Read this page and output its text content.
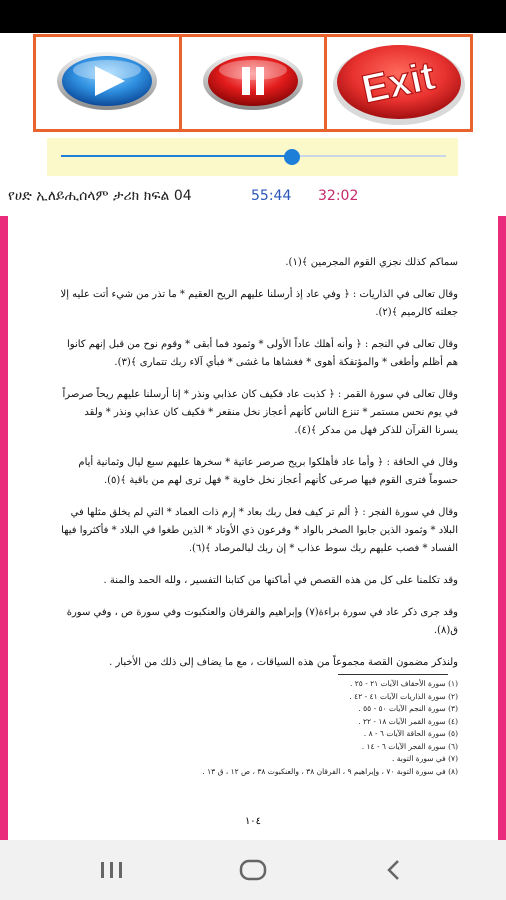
Exit
የሀድ ኢለይሒሰላም ታሪክ ክፍል 04	55:44 32:02

سماكم كذلك نجزي القوم المجرمين ﴾(١).

وقال تعالى في الذاريات : ﴿ وفي عاد إذ أرسلنا عليهم الريح العقيم * ما تذر من شيء أتت عليه إلا جعلته كالرميم ﴾(٢).

وقال تعالى في النجم : ﴿ وأنه أهلك عاداً الأولى * وثمود فما أبقى * وقوم نوح من قبل إنهم كانوا هم أظلم وأطغى * والمؤتفكة أهوى * فغشاها ما غشى * فبأي آلاء ربك تتمارى ﴾(٣).

وقال تعالى في سورة القمر : ﴿ كذبت عاد فكيف كان عذابي ونذر * إنا أرسلنا عليهم ريحاً صرصراً في يوم نحس مستمر * تنزع الناس كأنهم أعجاز نخل منقعر * فكيف كان عذابي ونذر * ولقد يسرنا القرآن للذكر فهل من مدكر ﴾(٤).

وقال في الحاقة : ﴿ وأما عاد فأهلكوا بريح صرصر عاتية * سخرها عليهم سبع ليال وثمانية أيام حسوماً فترى القوم فيها صرعى كأنهم أعجاز نخل خاوية * فهل ترى لهم من باقية ﴾(٥).

وقال في سورة الفجر : ﴿ ألم تر كيف فعل ربك بعاد * إرم ذات العماد * التي لم يخلق مثلها في البلاد * وثمود الذين جابوا الصخر بالواد * وفرعون ذي الأوتاد * الذين طغوا في البلاد * فأكثروا فيها الفساد * فصب عليهم ربك سوط عذاب * إن ربك لبالمرصاد ﴾(٦).

وقد تكلمنا على كل من هذه القصص في أماكنها من كتابنا التفسير ، ولله الحمد والمنة .

وقد جرى ذكر عاد في سورة براءة(٧) وإبراهيم والفرقان والعنكبوت وفي سورة ص ، وفي سورة ق(٨).

ولنذكر مضمون القصة مجموعاً من هذه السياقات ، مع ما يضاف إلى ذلك من الأخبار .

(١) سورة الأحقاف الآيات ٢١ - ٢٥ .
(٢) سورة الذاريات الآيات ٤١ - ٤٢ .
(٣) سورة النجم الآيات ٥٠ - ٥٥ .
(٤) سورة القمر الآيات ١٨ - ٢٢ .
(٥) سورة الحاقة الآيات ٦ - ٨ .
(٦) سورة الفجر الآيات ٦ - ١٤ .
(٧) في سورة التوبة .
(٨) في سورة التوبة ٧٠ ، وإبراهيم ٩ ، الفرقان ٣٨ ، والعنكبوت ٣٨ ، ص ١٢ ، ق ١٣ .
١٠٤
